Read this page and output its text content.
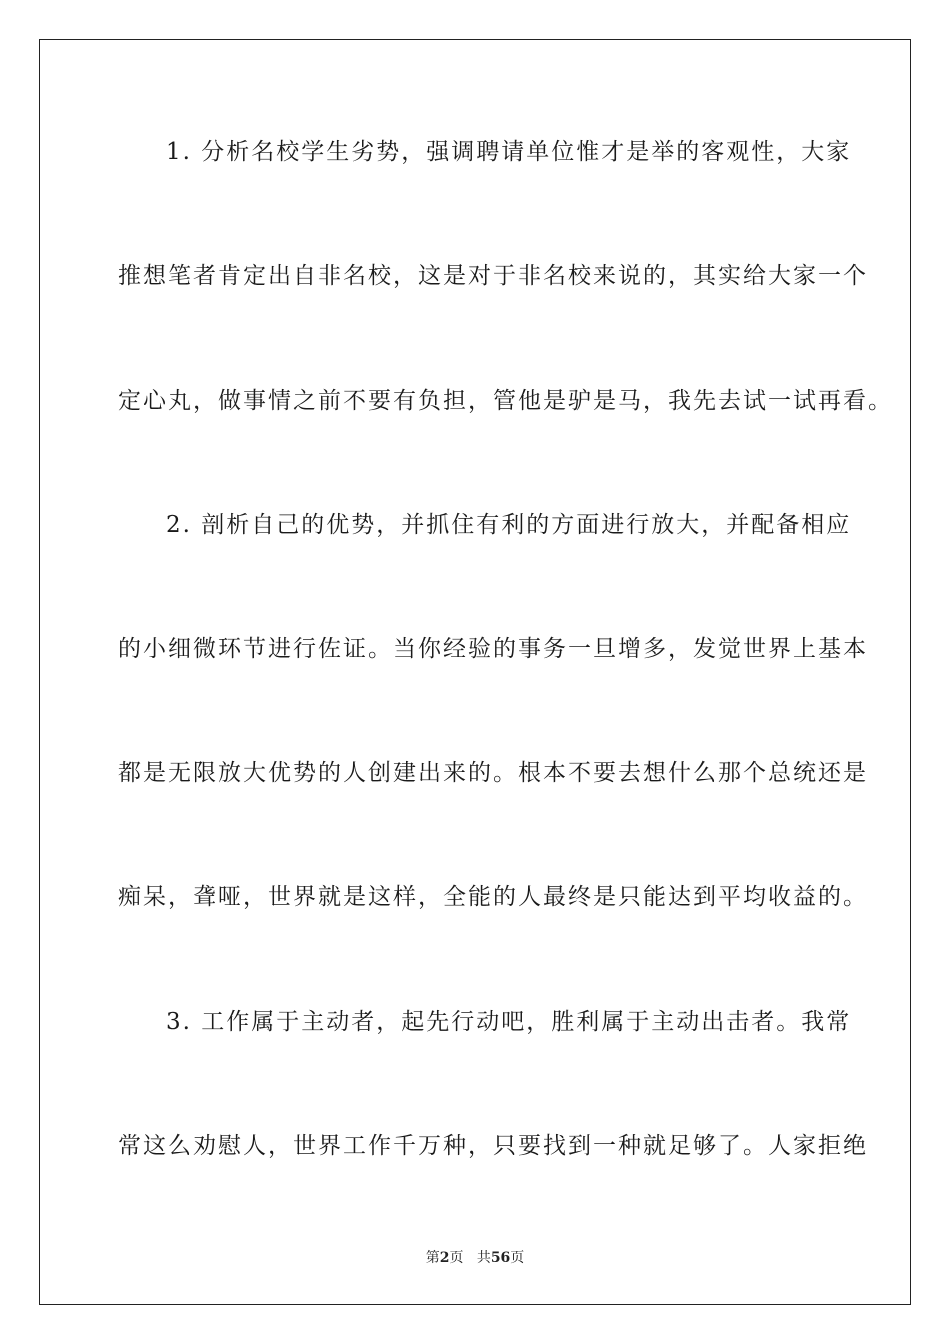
1. 分析名校学生劣势，强调聘请单位惟才是举的客观性，大家
推想笔者肯定出自非名校，这是对于非名校来说的，其实给大家一个
定心丸，做事情之前不要有负担，管他是驴是马，我先去试一试再看。
2. 剖析自己的优势，并抓住有利的方面进行放大，并配备相应
的小细微环节进行佐证。当你经验的事务一旦增多，发觉世界上基本
都是无限放大优势的人创建出来的。根本不要去想什么那个总统还是
痴呆，聋哑，世界就是这样，全能的人最终是只能达到平均收益的。
3. 工作属于主动者，起先行动吧，胜利属于主动出击者。我常
常这么劝慰人，世界工作千万种，只要找到一种就足够了。人家拒绝
第2页 共56页
